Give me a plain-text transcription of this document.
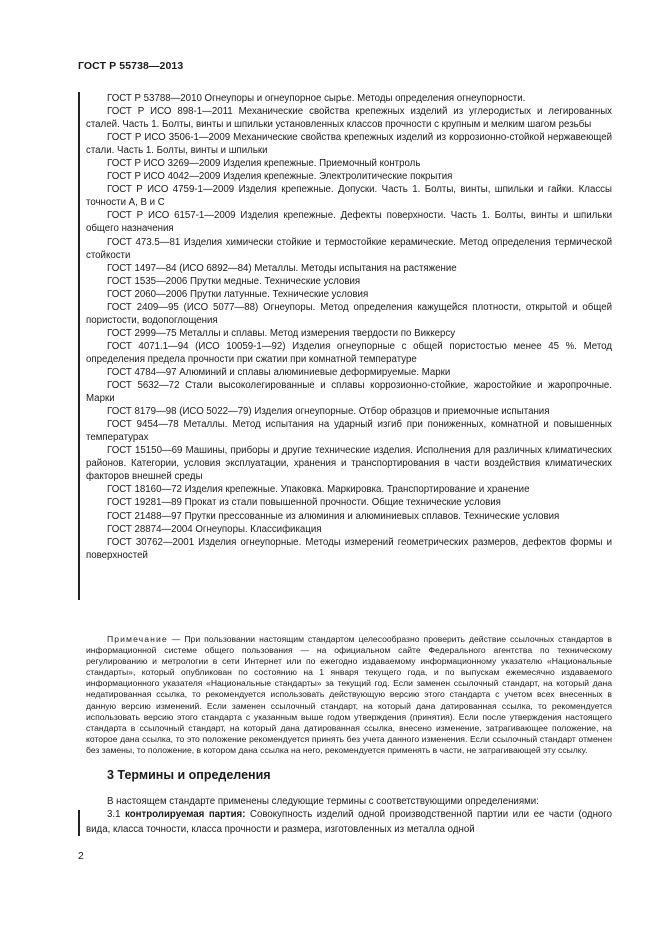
ГОСТ Р 55738—2013

ГОСТ Р 53788—2010 Огнеупоры и огнеупорное сырье. Методы определения огнеупорности.

ГОСТ Р ИСО 898-1—2011 Механические свойства крепежных изделий из углеродистых и легированных сталей. Часть 1. Болты, винты и шпильки установленных классов прочности с крупным и мелким шагом резьбы

ГОСТ Р ИСО 3506-1—2009 Механические свойства крепежных изделий из коррозионно-стойкой нержавеющей стали. Часть 1. Болты, винты и шпильки

ГОСТ Р ИСО 3269—2009 Изделия крепежные. Приемочный контроль

ГОСТ Р ИСО 4042—2009 Изделия крепежные. Электролитические покрытия

ГОСТ Р ИСО 4759-1—2009 Изделия крепежные. Допуски. Часть 1. Болты, винты, шпильки и гайки. Классы точности А, В и С

ГОСТ Р ИСО 6157-1—2009 Изделия крепежные. Дефекты поверхности. Часть 1. Болты, винты и шпильки общего назначения

ГОСТ 473.5—81 Изделия химически стойкие и термостойкие керамические. Метод определения термической стойкости

ГОСТ 1497—84 (ИСО 6892—84) Металлы. Методы испытания на растяжение

ГОСТ 1535—2006 Прутки медные. Технические условия

ГОСТ 2060—2006 Прутки латунные. Технические условия

ГОСТ 2409—95 (ИСО 5077—88) Огнеупоры. Метод определения кажущейся плотности, открытой и общей пористости, водопоглощения

ГОСТ 2999—75 Металлы и сплавы. Метод измерения твердости по Виккерсу

ГОСТ 4071.1—94 (ИСО 10059-1—92) Изделия огнеупорные с общей пористостью менее 45 %. Метод определения предела прочности при сжатии при комнатной температуре

ГОСТ 4784—97 Алюминий и сплавы алюминиевые деформируемые. Марки

ГОСТ 5632—72 Стали высоколегированные и сплавы коррозионно-стойкие, жаростойкие и жаропрочные. Марки

ГОСТ 8179—98 (ИСО 5022—79) Изделия огнеупорные. Отбор образцов и приемочные испытания

ГОСТ 9454—78 Металлы. Метод испытания на ударный изгиб при пониженных, комнатной и повышенных температурах

ГОСТ 15150—69 Машины, приборы и другие технические изделия. Исполнения для различных климатических районов. Категории, условия эксплуатации, хранения и транспортирования в части воздействия климатических факторов внешней среды

ГОСТ 18160—72 Изделия крепежные. Упаковка. Маркировка. Транспортирование и хранение

ГОСТ 19281—89 Прокат из стали повышенной прочности. Общие технические условия

ГОСТ 21488—97 Прутки прессованные из алюминия и алюминиевых сплавов. Технические условия

ГОСТ 28874—2004 Огнеупоры. Классификация

ГОСТ 30762—2001 Изделия огнеупорные. Методы измерений геометрических размеров, дефектов формы и поверхностей

Примечание — При пользовании настоящим стандартом целесообразно проверить действие ссылочных стандартов в информационной системе общего пользования — на официальном сайте Федерального агентства по техническому регулированию и метрологии в сети Интернет или по ежегодно издаваемому информационному указателю «Национальные стандарты», который опубликован по состоянию на 1 января текущего года, и по выпускам ежемесячно издаваемого информационного указателя «Национальные стандарты» за текущий год. Если заменен ссылочный стандарт, на который дана недатированная ссылка, то рекомендуется использовать действующую версию этого стандарта с учетом всех внесенных в данную версию изменений. Если заменен ссылочный стандарт, на который дана датированная ссылка, то рекомендуется использовать версию этого стандарта с указанным выше годом утверждения (принятия). Если после утверждения настоящего стандарта в ссылочный стандарт, на который дана датированная ссылка, внесено изменение, затрагивающее положение, на которое дана ссылка, то это положение рекомендуется принять без учета данного изменения. Если ссылочный стандарт отменен без замены, то положение, в котором дана ссылка на него, рекомендуется применять в части, не затрагивающей эту ссылку.
3 Термины и определения
В настоящем стандарте применены следующие термины с соответствующими определениями:
3.1 контролируемая партия: Совокупность изделий одной производственной партии или ее части (одного вида, класса точности, класса прочности и размера, изготовленных из металла одной
2
